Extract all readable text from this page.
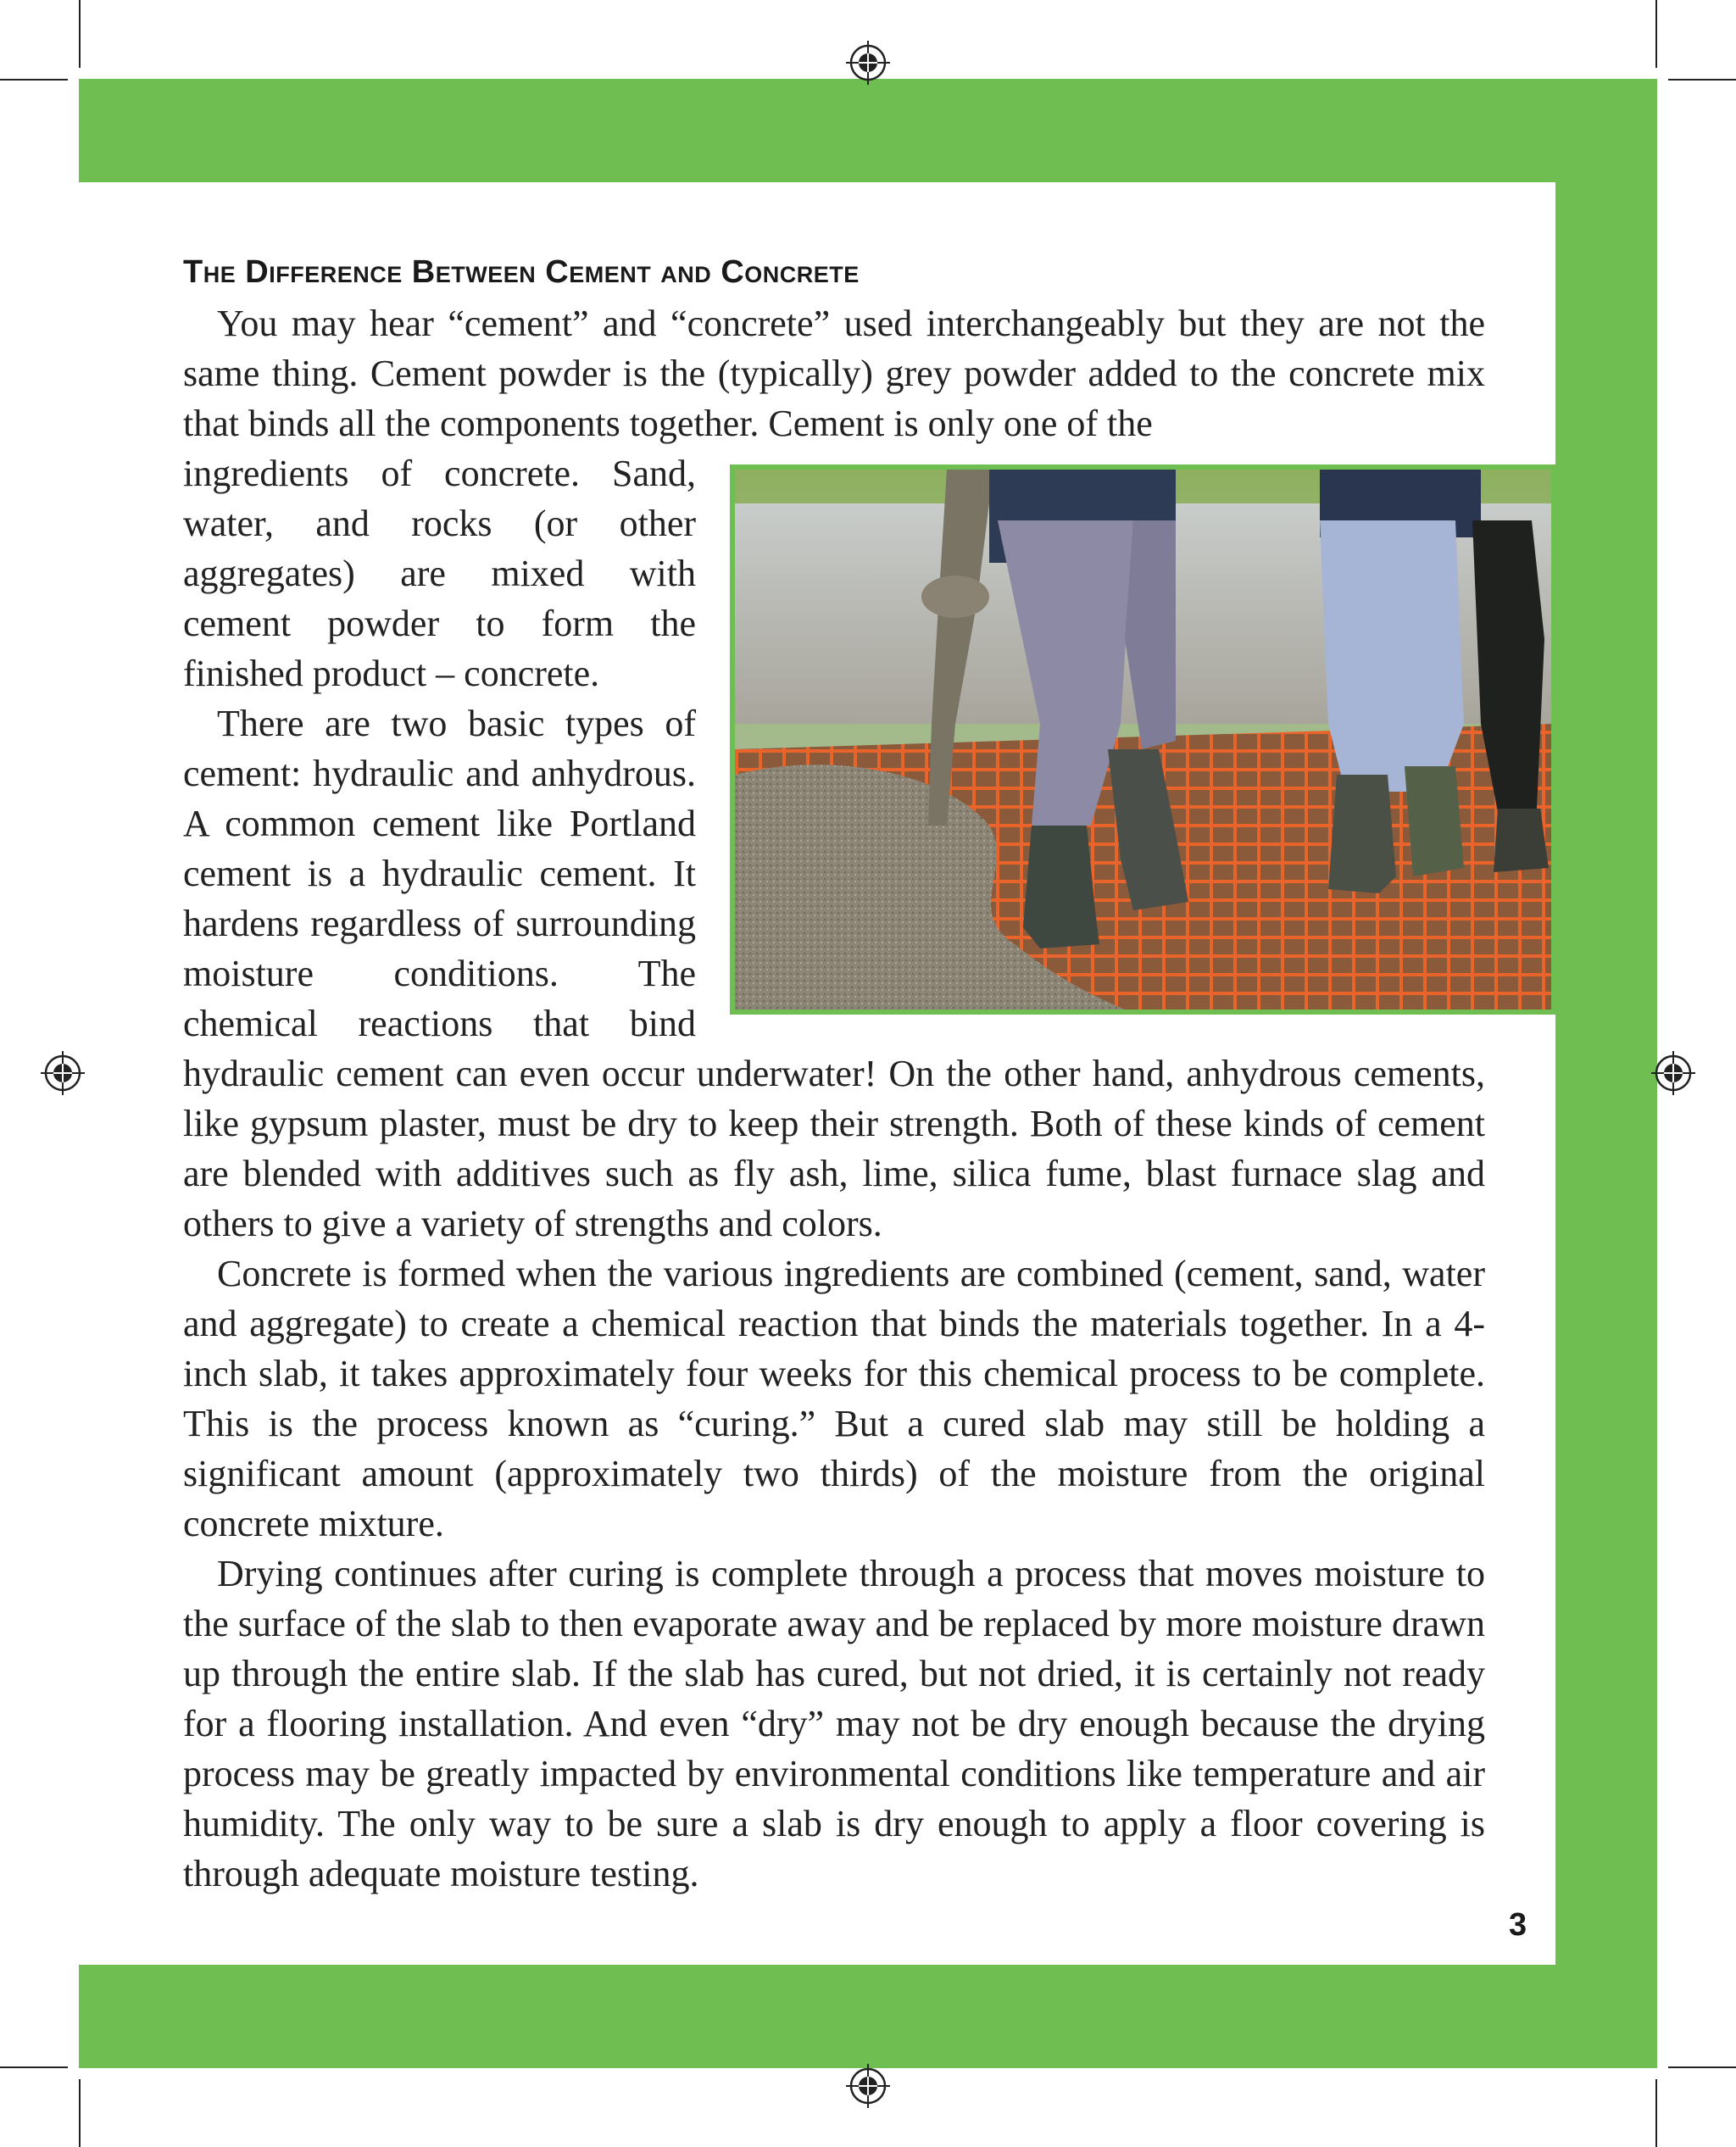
The Difference Between Cement and Concrete

You may hear “cement” and “concrete” used interchangeably but they are not the same thing. Cement powder is the (typically) grey powder added to the concrete mix that binds all the components together. Cement is only one of the

ingredients of concrete. Sand, water, and rocks (or other aggregates) are mixed with cement powder to form the finished product – concrete.

There are two basic types of cement: hydraulic and anhydrous. A common cement like Portland cement is a hydraulic cement. It hardens regardless of surrounding moisture conditions. The chemical reactions that bind hydraulic cement can even occur underwater! On the other hand, anhydrous cements, like gypsum plaster, must be dry to keep their strength. Both of these kinds of cement are blended with additives such as fly ash, lime, silica fume, blast furnace slag and others to give a variety of strengths and colors.

Concrete is formed when the various ingredients are combined (cement, sand, water and aggregate) to create a chemical reaction that binds the materials together. In a 4-inch slab, it takes approximately four weeks for this chemical process to be complete. This is the process known as “curing.” But a cured slab may still be holding a significant amount (approximately two thirds) of the moisture from the original concrete mixture.

Drying continues after curing is complete through a process that moves moisture to the surface of the slab to then evaporate away and be replaced by more moisture drawn up through the entire slab. If the slab has cured, but not dried, it is certainly not ready for a flooring installation. And even “dry” may not be dry enough because the drying process may be greatly impacted by environmental conditions like temperature and air humidity. The only way to be sure a slab is dry enough to apply a floor covering is through adequate moisture testing.

3
